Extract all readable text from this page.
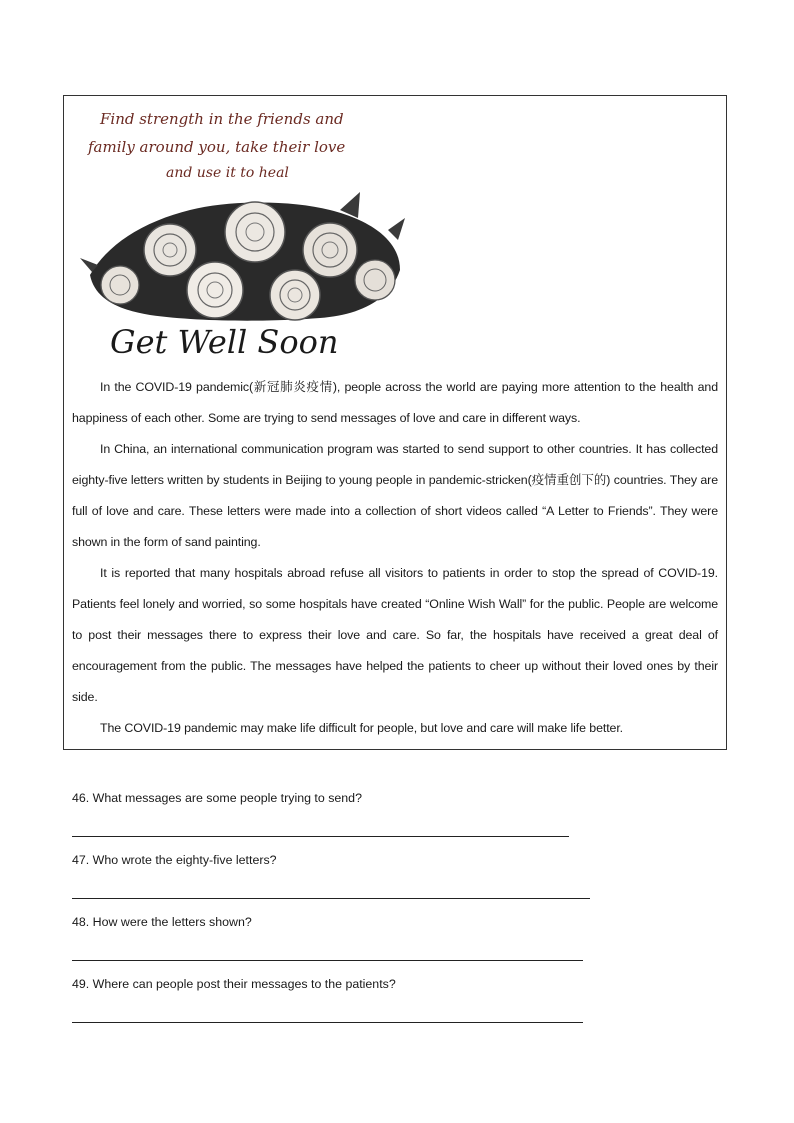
Find strength in the friends and
family around you, take their love
and use it to heal
Get Well Soon

In the COVID-19 pandemic(新冠肺炎疫情), people across the world are paying more attention to the health and happiness of each other. Some are trying to send messages of love and care in different ways.

In China, an international communication program was started to send support to other countries. It has collected eighty-five letters written by students in Beijing to young people in pandemic-stricken(疫情重创下的) countries. They are full of love and care. These letters were made into a collection of short videos called “A Letter to Friends”. They were shown in the form of sand painting.

It is reported that many hospitals abroad refuse all visitors to patients in order to stop the spread of COVID-19. Patients feel lonely and worried, so some hospitals have created “Online Wish Wall” for the public. People are welcome to post their messages there to express their love and care. So far, the hospitals have received a great deal of encouragement from the public. The messages have helped the patients to cheer up without their loved ones by their side.

The COVID-19 pandemic may make life difficult for people, but love and care will make life better.

46. What messages are some people trying to send?

47. Who wrote the eighty-five letters?

48. How were the letters shown?

49. Where can people post their messages to the patients?
